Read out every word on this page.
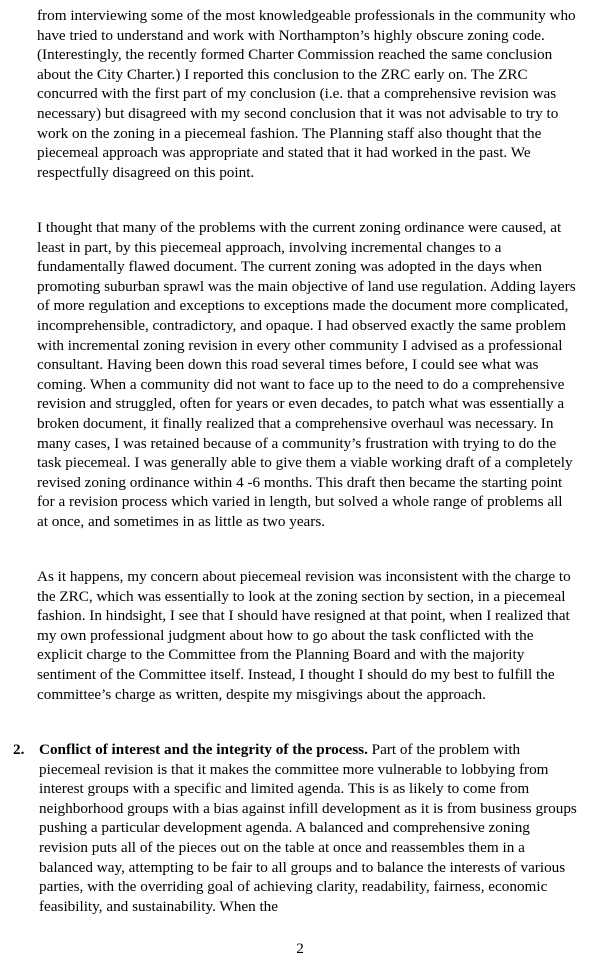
from interviewing some of the most knowledgeable professionals in the community who have tried to understand and work with Northampton’s highly obscure zoning code. (Interestingly, the recently formed Charter Commission reached the same conclusion about the City Charter.) I reported this conclusion to the ZRC early on. The ZRC concurred with the first part of my conclusion (i.e. that a comprehensive revision was necessary) but disagreed with my second conclusion that it was not advisable to try to work on the zoning in a piecemeal fashion. The Planning staff also thought that the piecemeal approach was appropriate and stated that it had worked in the past. We respectfully disagreed on this point.

I thought that many of the problems with the current zoning ordinance were caused, at least in part, by this piecemeal approach, involving incremental changes to a fundamentally flawed document. The current zoning was adopted in the days when promoting suburban sprawl was the main objective of land use regulation. Adding layers of more regulation and exceptions to exceptions made the document more complicated, incomprehensible, contradictory, and opaque. I had observed exactly the same problem with incremental zoning revision in every other community I advised as a professional consultant. Having been down this road several times before, I could see what was coming. When a community did not want to face up to the need to do a comprehensive revision and struggled, often for years or even decades, to patch what was essentially a broken document, it finally realized that a comprehensive overhaul was necessary. In many cases, I was retained because of a community’s frustration with trying to do the task piecemeal. I was generally able to give them a viable working draft of a completely revised zoning ordinance within 4 -6 months. This draft then became the starting point for a revision process which varied in length, but solved a whole range of problems all at once, and sometimes in as little as two years.

As it happens, my concern about piecemeal revision was inconsistent with the charge to the ZRC, which was essentially to look at the zoning section by section, in a piecemeal fashion. In hindsight, I see that I should have resigned at that point, when I realized that my own professional judgment about how to go about the task conflicted with the explicit charge to the Committee from the Planning Board and with the majority sentiment of the Committee itself. Instead, I thought I should do my best to fulfill the committee’s charge as written, despite my misgivings about the approach.

2. Conflict of interest and the integrity of the process. Part of the problem with piecemeal revision is that it makes the committee more vulnerable to lobbying from interest groups with a specific and limited agenda. This is as likely to come from neighborhood groups with a bias against infill development as it is from business groups pushing a particular development agenda. A balanced and comprehensive zoning revision puts all of the pieces out on the table at once and reassembles them in a balanced way, attempting to be fair to all groups and to balance the interests of various parties, with the overriding goal of achieving clarity, readability, fairness, economic feasibility, and sustainability. When the

2
